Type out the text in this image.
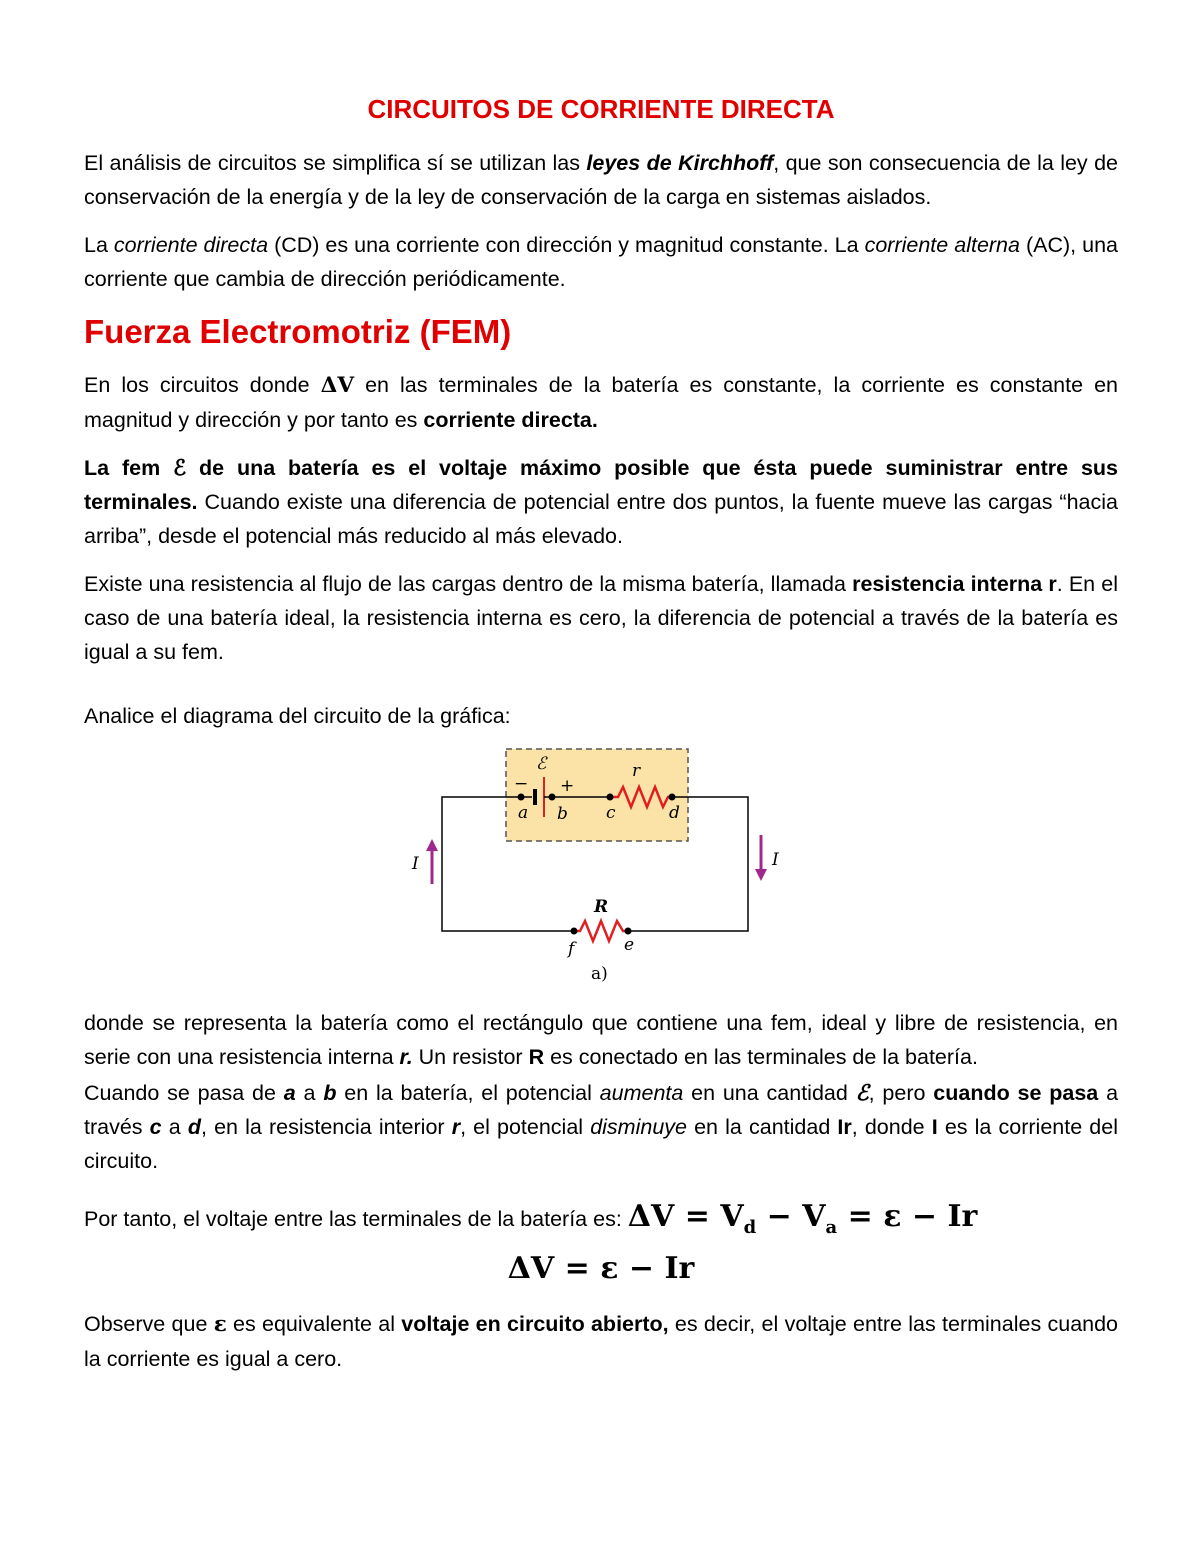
CIRCUITOS DE CORRIENTE DIRECTA

El análisis de circuitos se simplifica sí se utilizan las leyes de Kirchhoff, que son consecuencia de la ley de conservación de la energía y de la ley de conservación de la carga en sistemas aislados.

La corriente directa (CD) es una corriente con dirección y magnitud constante. La corriente alterna (AC), una corriente que cambia de dirección periódicamente.

Fuerza Electromotriz (FEM)

En los circuitos donde ΔV en las terminales de la batería es constante, la corriente es constante en magnitud y dirección y por tanto es corriente directa.

La fem ℰ de una batería es el voltaje máximo posible que ésta puede suministrar entre sus terminales. Cuando existe una diferencia de potencial entre dos puntos, la fuente mueve las cargas “hacia arriba”, desde el potencial más reducido al más elevado.

Existe una resistencia al flujo de las cargas dentro de la misma batería, llamada resistencia interna r. En el caso de una batería ideal, la resistencia interna es cero, la diferencia de potencial a través de la batería es igual a su fem.

Analice el diagrama del circuito de la gráfica:

ℰ
+
−
r
a b c	d
R
f	e
I	I
a)

donde se representa la batería como el rectángulo que contiene una fem, ideal y libre de resistencia, en serie con una resistencia interna r. Un resistor R es conectado en las terminales de la batería.

Cuando se pasa de a a b en la batería, el potencial aumenta en una cantidad ℰ, pero cuando se pasa a través c a d, en la resistencia interior r, el potencial disminuye en la cantidad Ir, donde I es la corriente del circuito.

Por tanto, el voltaje entre las terminales de la batería es: $\Delta V = V_d - V_a = \varepsilon - Ir$

ΔV = ε − Ir

Observe que ε es equivalente al voltaje en circuito abierto, es decir, el voltaje entre las terminales cuando la corriente es igual a cero.
